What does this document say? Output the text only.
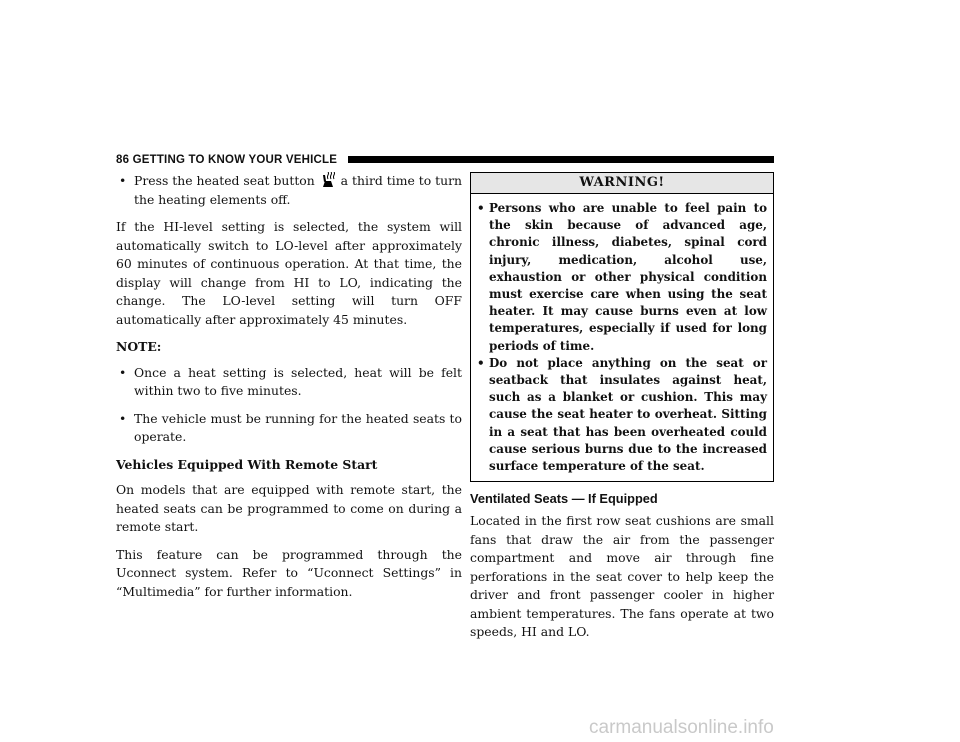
86 GETTING TO KNOW YOUR VEHICLE
• Press the heated seat button  a third time to turn the heating elements off.

If the HI-level setting is selected, the system will automatically switch to LO-level after approximately 60 minutes of continuous operation. At that time, the display will change from HI to LO, indicating the change. The LO-level setting will turn OFF automatically after approximately 45 minutes.

NOTE:
• Once a heat setting is selected, heat will be felt within two to five minutes.
• The vehicle must be running for the heated seats to operate.
Vehicles Equipped With Remote Start

On models that are equipped with remote start, the heated seats can be programmed to come on during a remote start.

This feature can be programmed through the Uconnect system. Refer to “Uconnect Settings” in “Multimedia” for further information.

WARNING!
• Persons who are unable to feel pain to the skin because of advanced age, chronic illness, diabetes, spinal cord injury, medication, alcohol use, exhaustion or other physical condition must exercise care when using the seat heater. It may cause burns even at low temperatures, especially if used for long periods of time.
• Do not place anything on the seat or seatback that insulates against heat, such as a blanket or cushion. This may cause the seat heater to overheat. Sitting in a seat that has been overheated could cause serious burns due to the increased surface temperature of the seat.
Ventilated Seats — If Equipped

Located in the first row seat cushions are small fans that draw the air from the passenger compartment and move air through fine perforations in the seat cover to help keep the driver and front passenger cooler in higher ambient temperatures. The fans operate at two speeds, HI and LO.

carmanualsonline.info
